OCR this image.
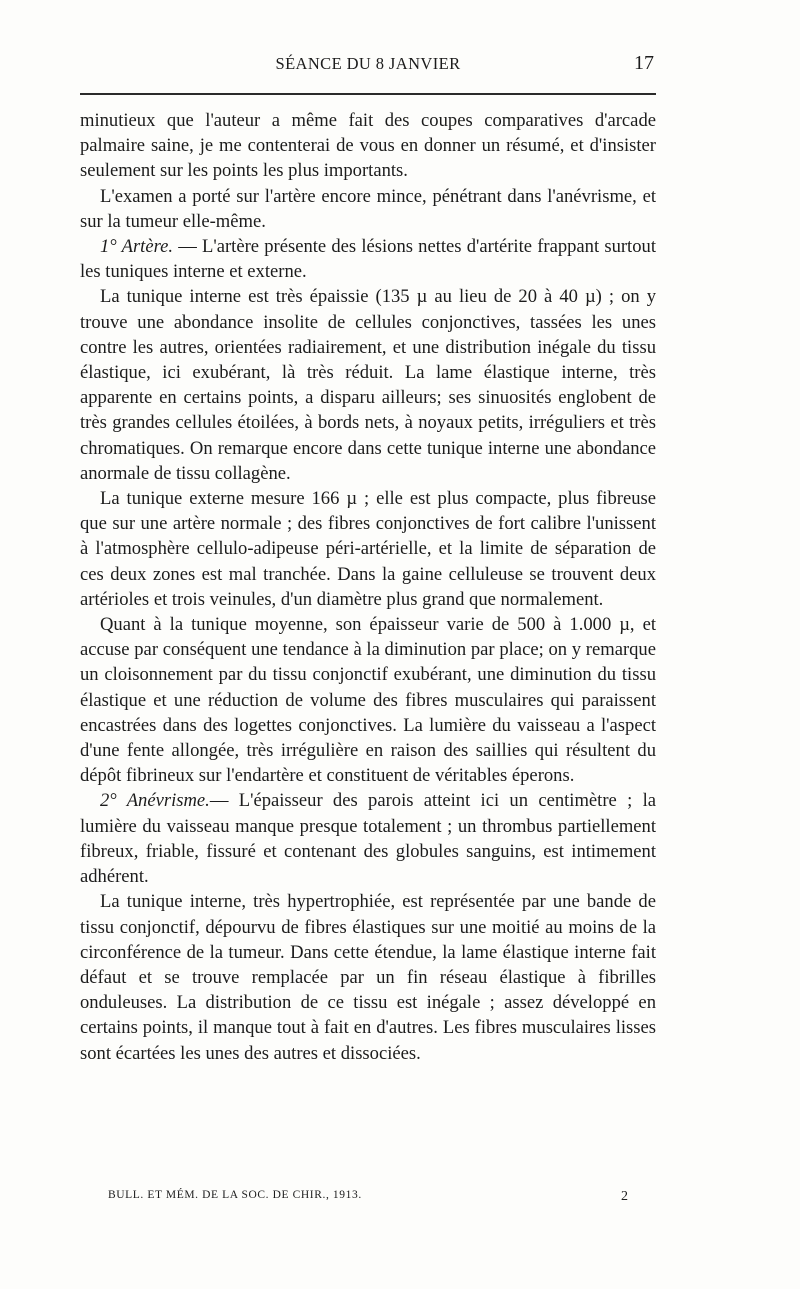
SÉANCE DU 8 JANVIER	17

minutieux que l'auteur a même fait des coupes comparatives d'arcade palmaire saine, je me contenterai de vous en donner un résumé, et d'insister seulement sur les points les plus importants.

L'examen a porté sur l'artère encore mince, pénétrant dans l'anévrisme, et sur la tumeur elle-même.

1° Artère. — L'artère présente des lésions nettes d'artérite frappant surtout les tuniques interne et externe.

La tunique interne est très épaissie (135 µ au lieu de 20 à 40 µ) ; on y trouve une abondance insolite de cellules conjonctives, tassées les unes contre les autres, orientées radiairement, et une distribution inégale du tissu élastique, ici exubérant, là très réduit. La lame élastique interne, très apparente en certains points, a disparu ailleurs; ses sinuosités englobent de très grandes cellules étoilées, à bords nets, à noyaux petits, irréguliers et très chromatiques. On remarque encore dans cette tunique interne une abondance anormale de tissu collagène.

La tunique externe mesure 166 µ ; elle est plus compacte, plus fibreuse que sur une artère normale ; des fibres conjonctives de fort calibre l'unissent à l'atmosphère cellulo-adipeuse péri-artérielle, et la limite de séparation de ces deux zones est mal tranchée. Dans la gaine celluleuse se trouvent deux artérioles et trois veinules, d'un diamètre plus grand que normalement.

Quant à la tunique moyenne, son épaisseur varie de 500 à 1.000 µ, et accuse par conséquent une tendance à la diminution par place; on y remarque un cloisonnement par du tissu conjonctif exubérant, une diminution du tissu élastique et une réduction de volume des fibres musculaires qui paraissent encastrées dans des logettes conjonctives. La lumière du vaisseau a l'aspect d'une fente allongée, très irrégulière en raison des saillies qui résultent du dépôt fibrineux sur l'endartère et constituent de véritables éperons.

2° Anévrisme.— L'épaisseur des parois atteint ici un centimètre ; la lumière du vaisseau manque presque totalement ; un thrombus partiellement fibreux, friable, fissuré et contenant des globules sanguins, est intimement adhérent.

La tunique interne, très hypertrophiée, est représentée par une bande de tissu conjonctif, dépourvu de fibres élastiques sur une moitié au moins de la circonférence de la tumeur. Dans cette étendue, la lame élastique interne fait défaut et se trouve remplacée par un fin réseau élastique à fibrilles onduleuses. La distribution de ce tissu est inégale ; assez développé en certains points, il manque tout à fait en d'autres. Les fibres musculaires lisses sont écartées les unes des autres et dissociées.

BULL. ET MÉM. DE LA SOC. DE CHIR., 1913.	2
